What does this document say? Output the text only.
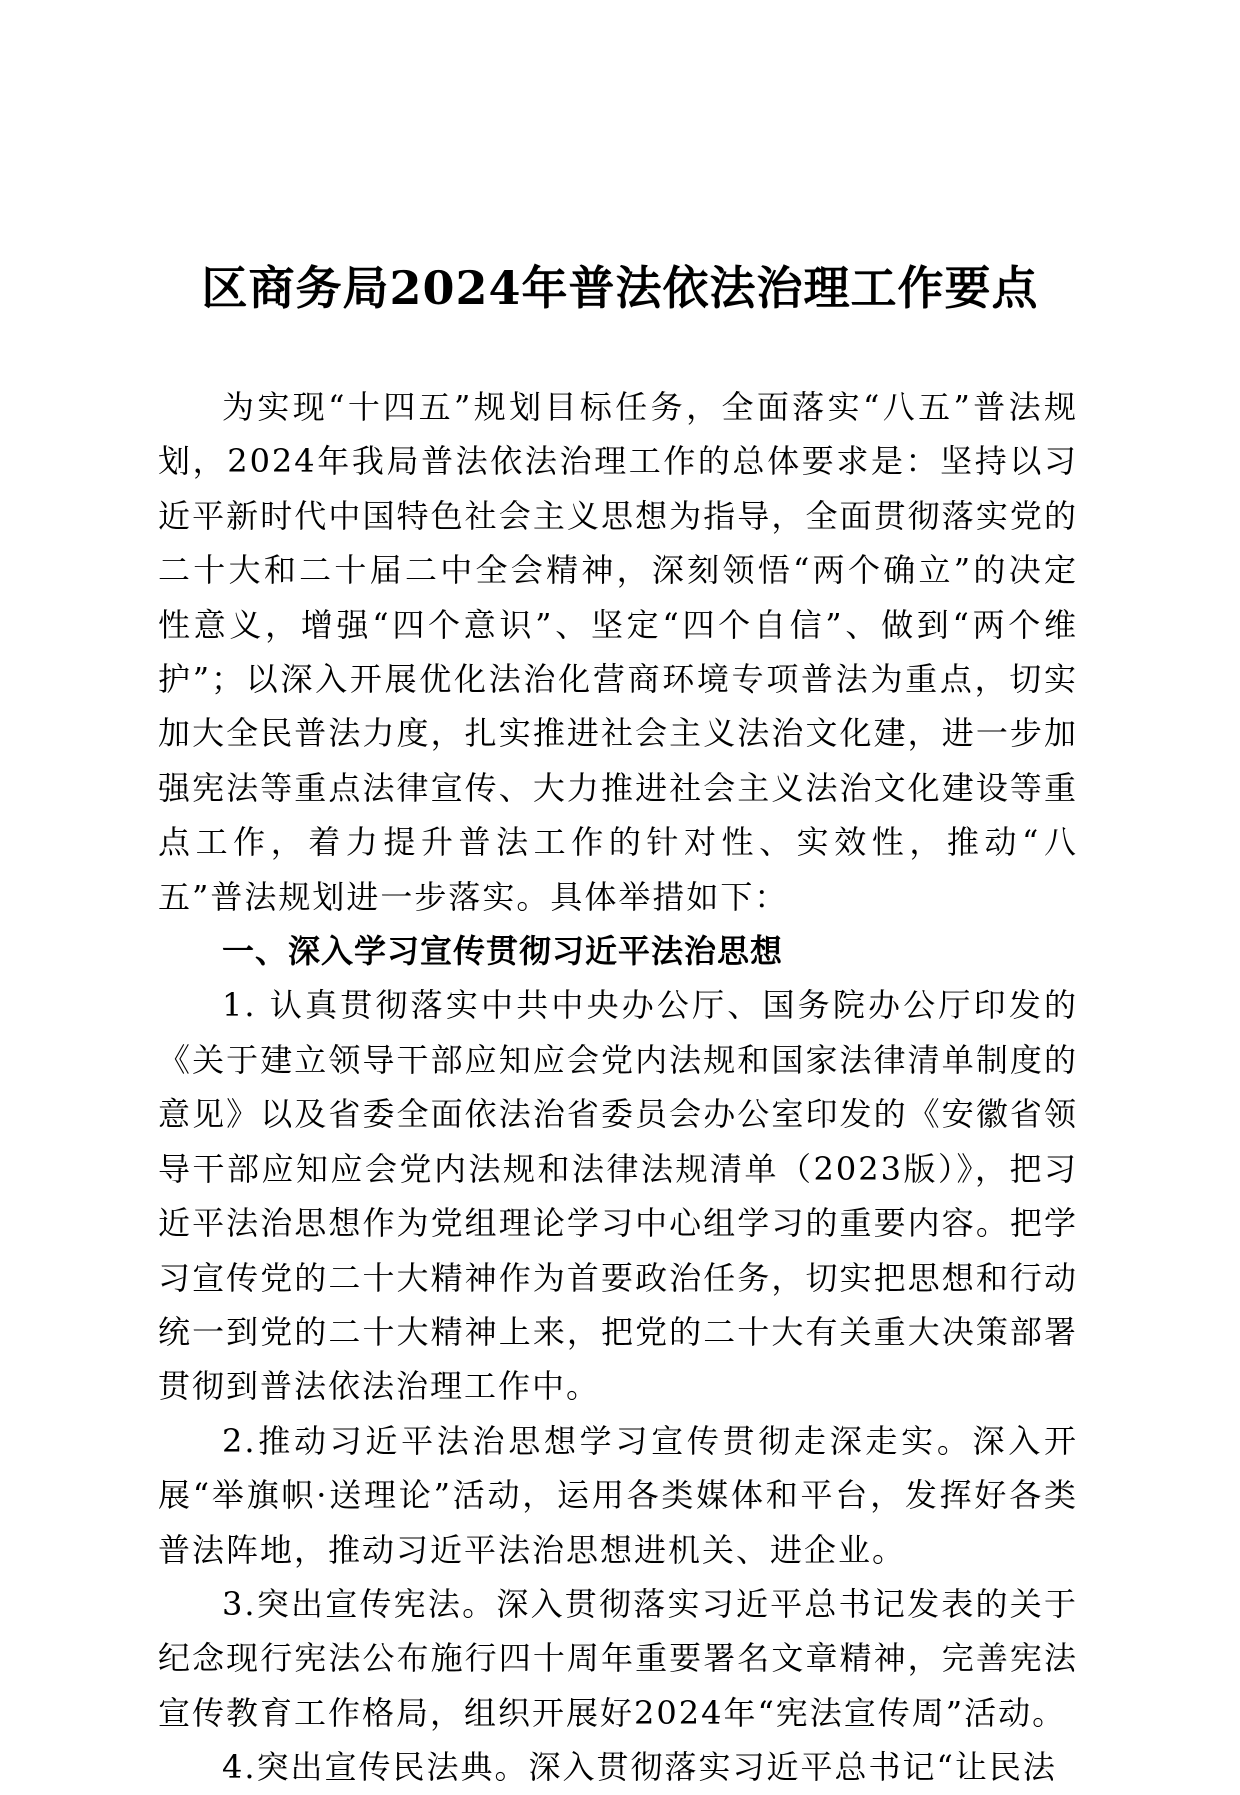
区商务局2024年普法依法治理工作要点

为实现“十四五”规划目标任务，全面落实“八五”普法规划，2024年我局普法依法治理工作的总体要求是：坚持以习近平新时代中国特色社会主义思想为指导，全面贯彻落实党的二十大和二十届二中全会精神，深刻领悟“两个确立”的决定性意义，增强“四个意识”、坚定“四个自信”、做到“两个维护”；以深入开展优化法治化营商环境专项普法为重点，切实加大全民普法力度，扎实推进社会主义法治文化建，进一步加强宪法等重点法律宣传、大力推进社会主义法治文化建设等重点工作，着力提升普法工作的针对性、实效性，推动“八五”普法规划进一步落实。具体举措如下：

一、深入学习宣传贯彻习近平法治思想

1. 认真贯彻落实中共中央办公厅、国务院办公厅印发的《关于建立领导干部应知应会党内法规和国家法律清单制度的意见》以及省委全面依法治省委员会办公室印发的《安徽省领导干部应知应会党内法规和法律法规清单（2023版）》，把习近平法治思想作为党组理论学习中心组学习的重要内容。把学习宣传党的二十大精神作为首要政治任务，切实把思想和行动统一到党的二十大精神上来，把党的二十大有关重大决策部署贯彻到普法依法治理工作中。

2.推动习近平法治思想学习宣传贯彻走深走实。深入开展“举旗帜·送理论”活动，运用各类媒体和平台，发挥好各类普法阵地，推动习近平法治思想进机关、进企业。

3.突出宣传宪法。深入贯彻落实习近平总书记发表的关于纪念现行宪法公布施行四十周年重要署名文章精神，完善宪法宣传教育工作格局，组织开展好2024年“宪法宣传周”活动。

4.突出宣传民法典。深入贯彻落实习近平总书记“让民法
